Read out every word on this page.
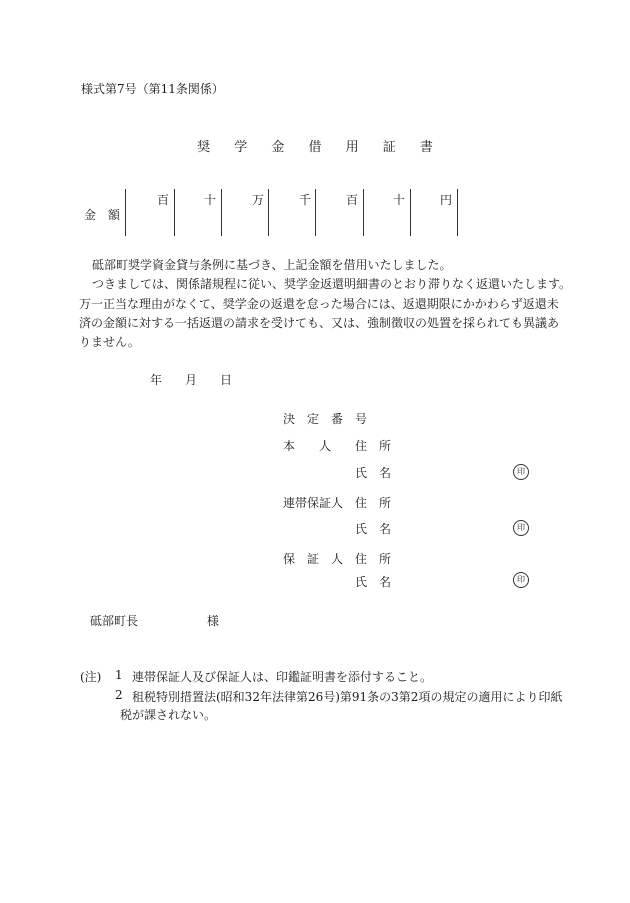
様式第7号（第11条関係）
奨 学 金 借 用 証 書
金額
百	十	万	千	百	十	円
砥部町奨学資金貸与条例に基づき、上記金額を借用いたしました。
つきましては、関係諸規程に従い、奨学金返還明細書のとおり滞りなく返還いたします。
万一正当な理由がなくて、奨学金の返還を怠った場合には、返還期限にかかわらず返還未
済の金額に対する一括返還の請求を受けても、又は、強制徴収の処置を採られても異議あ
りません。
年 月 日
決　定　番　号
本　　人 住　所
氏　名	印
連帯保証人 住　所
氏　名	印
保　証　人 住　所
氏　名	印
砥部町長	様
(注) 1 連帯保証人及び保証人は、印鑑証明書を添付すること。
2 租税特別措置法(昭和32年法律第26号)第91条の3第2項の規定の適用により印紙
税が課されない。
